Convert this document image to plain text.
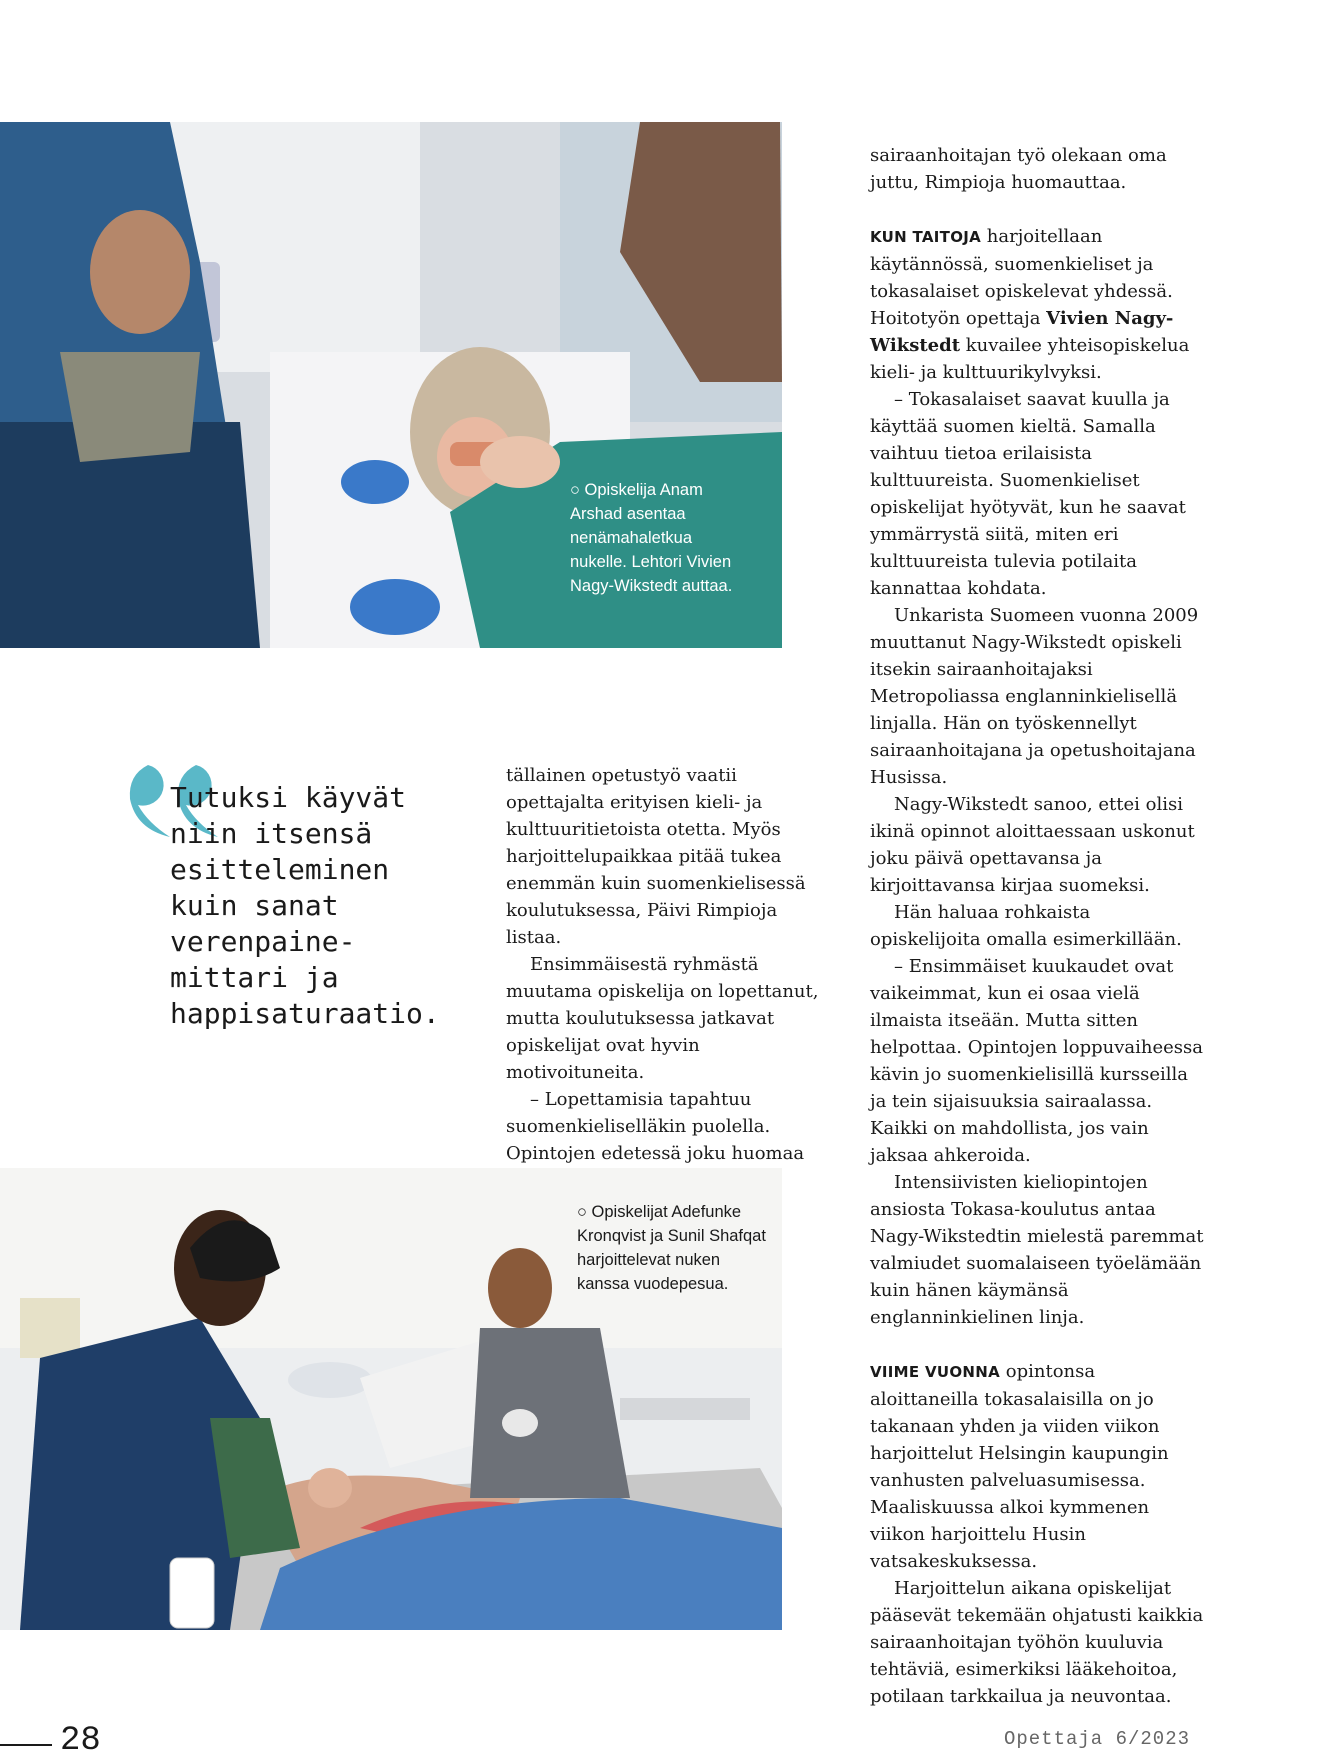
○ Opiskelija Anam Arshad asentaa nenämahaletkua nukelle. Lehtori Vivien Nagy-Wikstedt auttaa.
Tutuksi käyvät niin itsensä esitteleminen kuin sanat verenpaine-mittari ja happisaturaatio.

tällainen opetustyö vaatii opettajalta erityisen kieli- ja kulttuuritietoista otetta. Myös harjoittelupaikkaa pitää tukea enemmän kuin suomenkielisessä koulutuksessa, Päivi Rimpioja listaa.

Ensimmäisestä ryhmästä muutama opiskelija on lopettanut, mutta koulutuksessa jatkavat opiskelijat ovat hyvin motivoituneita.

– Lopettamisia tapahtuu suomenkieliselläkin puolella. Opintojen edetessä joku huomaa

sairaanhoitajan työ olekaan oma juttu, Rimpioja huomauttaa.

KUN TAITOJA harjoitellaan käytännössä, suomenkieliset ja tokasalaiset opiskelevat yhdessä. Hoitotyön opettaja Vivien Nagy-Wikstedt kuvailee yhteisopiskelua kieli- ja kulttuurikylvyksi.

– Tokasalaiset saavat kuulla ja käyttää suomen kieltä. Samalla vaihtuu tietoa erilaisista kulttuureista. Suomenkieliset opiskelijat hyötyvät, kun he saavat ymmärrystä siitä, miten eri kulttuureista tulevia potilaita kannattaa kohdata.

Unkarista Suomeen vuonna 2009 muuttanut Nagy-Wikstedt opiskeli itsekin sairaanhoitajaksi Metropoliassa englanninkielisellä linjalla. Hän on työskennellyt sairaanhoitajana ja opetushoitajana Husissa.

Nagy-Wikstedt sanoo, ettei olisi ikinä opinnot aloittaessaan uskonut joku päivä opettavansa ja kirjoittavansa kirjaa suomeksi.

Hän haluaa rohkaista opiskelijoita omalla esimerkillään.

– Ensimmäiset kuukaudet ovat vaikeimmat, kun ei osaa vielä ilmaista itseään. Mutta sitten helpottaa. Opintojen loppuvaiheessa kävin jo suomenkielisillä kursseilla ja tein sijaisuuksia sairaalassa. Kaikki on mahdollista, jos vain jaksaa ahkeroida.

Intensiivisten kieliopintojen ansiosta Tokasa-koulutus antaa Nagy-Wikstedtin mielestä paremmat valmiudet suomalaiseen työelämään kuin hänen käymänsä englanninkielinen linja.

VIIME VUONNA opintonsa aloittaneilla tokasalaisilla on jo takanaan yhden ja viiden viikon harjoittelut Helsingin kaupungin vanhusten palveluasumisessa. Maaliskuussa alkoi kymmenen viikon harjoittelu Husin vatsakeskuksessa.

Harjoittelun aikana opiskelijat pääsevät tekemään ohjatusti kaikkia sairaanhoitajan työhön kuuluvia tehtäviä, esimerkiksi lääkehoitoa, potilaan tarkkailua ja neuvontaa.

○ Opiskelijat Adefunke Kronqvist ja Sunil Shafqat harjoittelevat nuken kanssa vuodepesua.
28	Opettaja 6/2023
